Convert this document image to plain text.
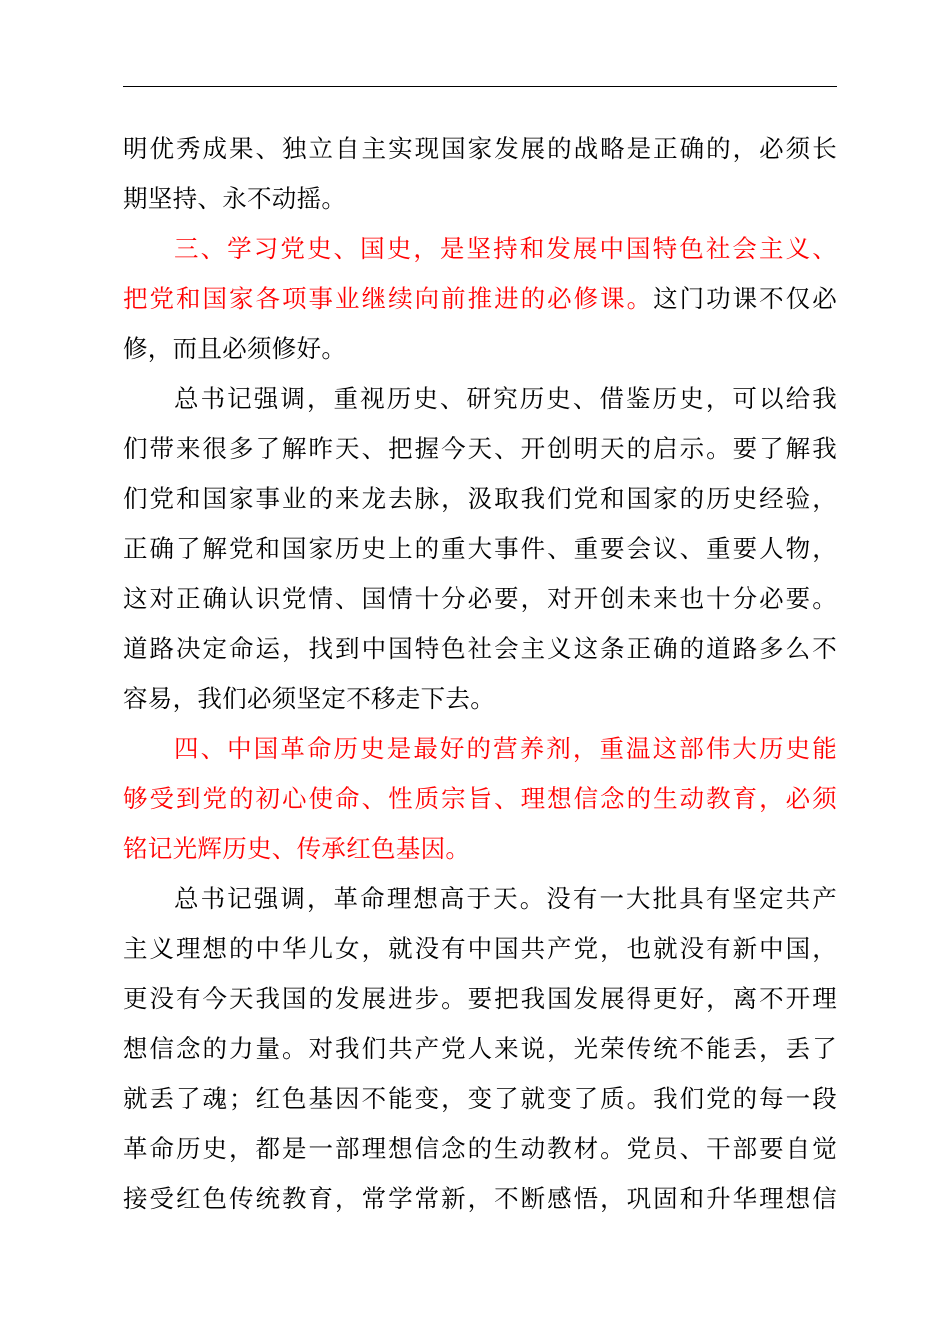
明优秀成果、独立自主实现国家发展的战略是正确的，必须长
期坚持、永不动摇。
三、学习党史、国史，是坚持和发展中国特色社会主义、
把党和国家各项事业继续向前推进的必修课。这门功课不仅必
修，而且必须修好。
总书记强调，重视历史、研究历史、借鉴历史，可以给我
们带来很多了解昨天、把握今天、开创明天的启示。要了解我
们党和国家事业的来龙去脉，汲取我们党和国家的历史经验，
正确了解党和国家历史上的重大事件、重要会议、重要人物，
这对正确认识党情、国情十分必要，对开创未来也十分必要。
道路决定命运，找到中国特色社会主义这条正确的道路多么不
容易，我们必须坚定不移走下去。
四、中国革命历史是最好的营养剂，重温这部伟大历史能
够受到党的初心使命、性质宗旨、理想信念的生动教育，必须
铭记光辉历史、传承红色基因。
总书记强调，革命理想高于天。没有一大批具有坚定共产
主义理想的中华儿女，就没有中国共产党，也就没有新中国，
更没有今天我国的发展进步。要把我国发展得更好，离不开理
想信念的力量。对我们共产党人来说，光荣传统不能丢，丢了
就丢了魂；红色基因不能变，变了就变了质。我们党的每一段
革命历史，都是一部理想信念的生动教材。党员、干部要自觉
接受红色传统教育，常学常新，不断感悟，巩固和升华理想信
